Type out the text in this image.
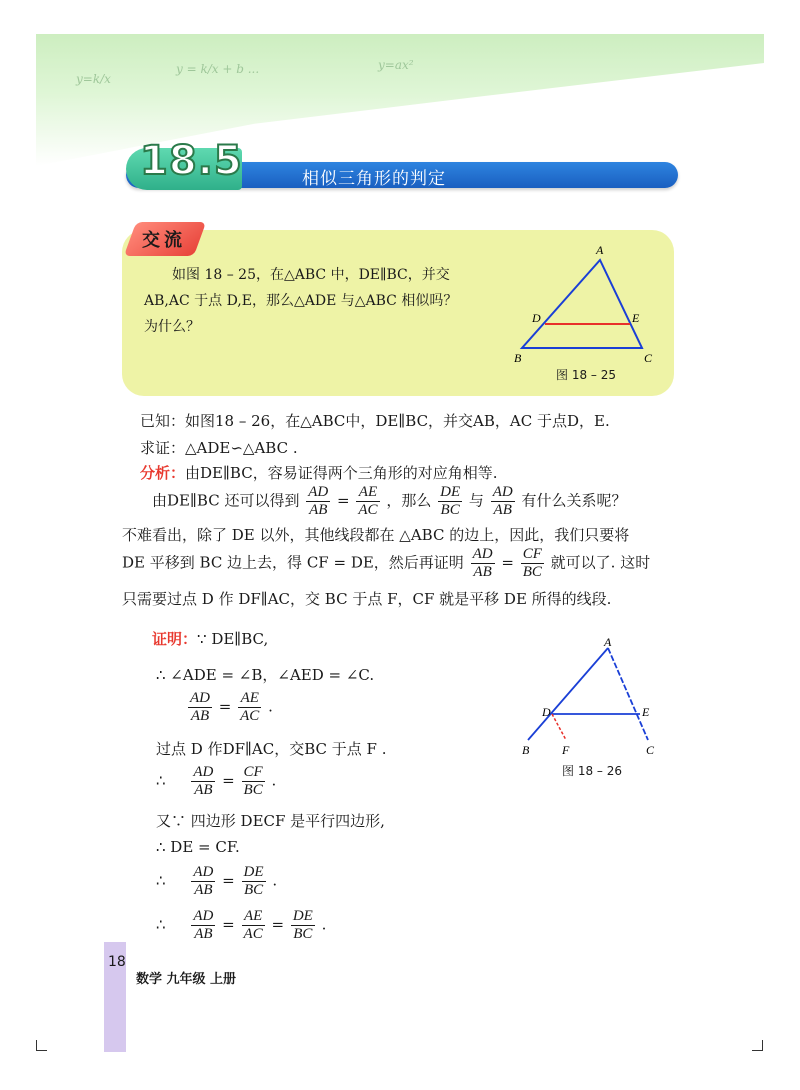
y=k/x
y = k/x + b ...	y=ax²
18.5	相似三角形的判定
交流

如图 18 – 25，在△ABC 中，DE∥BC，并交

AB,AC 于点 D,E，那么△ADE 与△ABC 相似吗？

为什么？

A
B	C
D	E
图 18 – 25
已知：如图18 – 26，在△ABC中，DE∥BC，并交AB，AC 于点D，E.
求证：△ADE∽△ABC .
分析：由DE∥BC，容易证得两个三角形的对应角相等.
由DE∥BC 还可以得到 $\frac{AD}{AB} = \frac{AE}{AC}$ ，那么 $\frac{DE}{BC}$ 与 $\frac{AD}{AB}$ 有什么关系呢？
不难看出，除了 DE 以外，其他线段都在 △ABC 的边上，因此，我们只要将
DE 平移到 BC 边上去，得 CF = DE，然后再证明 $\frac{AD}{AB} = \frac{CF}{BC}$ 就可以了. 这时
只需要过点 D 作 DF∥AC，交 BC 于点 F，CF 就是平移 DE 所得的线段.
证明：∵ DE∥BC,
∴ ∠ADE = ∠B，∠AED = ∠C.
$\frac{AD}{AB} = \frac{AE}{AC}$ .
过点 D 作DF∥AC，交BC 于点 F .
∴ $\frac{AD}{AB} = \frac{CF}{BC}$ .
又∵ 四边形 DECF 是平行四边形,
∴ DE = CF.
∴ $\frac{AD}{AB} = \frac{DE}{BC}$ .
∴ $\frac{AD}{AB} = \frac{AE}{AC} = \frac{DE}{BC}$ .
A
B	C
D	E
F
图 18 – 26
18
数学 九年级 上册
